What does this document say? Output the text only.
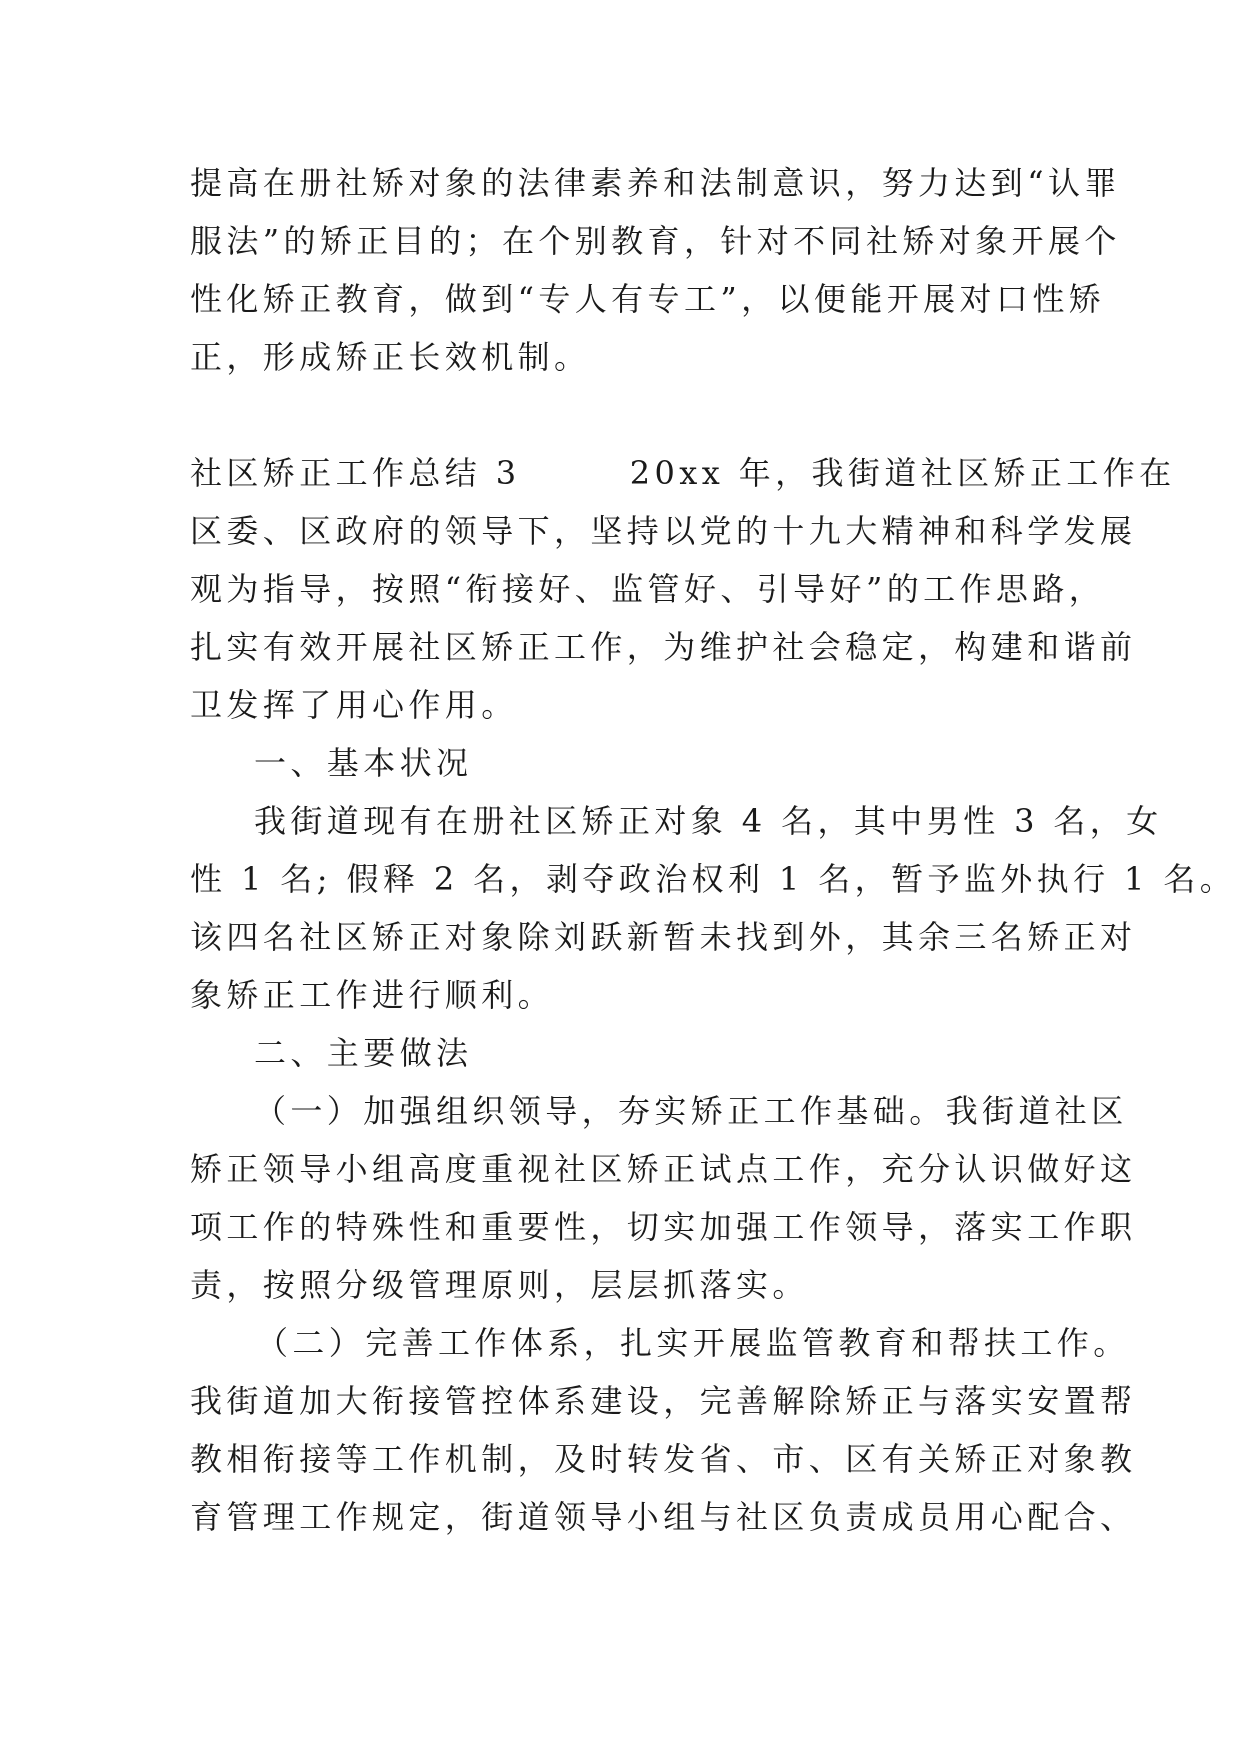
提高在册社矫对象的法律素养和法制意识，努力达到“认罪
服法”的矫正目的；在个别教育，针对不同社矫对象开展个
性化矫正教育，做到“专人有专工”，以便能开展对口性矫
正，形成矫正长效机制。
社区矫正工作总结 3　　　20xx 年，我街道社区矫正工作在
区委、区政府的领导下，坚持以党的十九大精神和科学发展
观为指导，按照“衔接好、监管好、引导好”的工作思路，
扎实有效开展社区矫正工作，为维护社会稳定，构建和谐前
卫发挥了用心作用。
一、基本状况
我街道现有在册社区矫正对象 4 名，其中男性 3 名，女
性 1 名; 假释 2 名，剥夺政治权利 1 名，暂予监外执行 1 名。
该四名社区矫正对象除刘跃新暂未找到外，其余三名矫正对
象矫正工作进行顺利。
二、主要做法
（一）加强组织领导，夯实矫正工作基础。我街道社区
矫正领导小组高度重视社区矫正试点工作，充分认识做好这
项工作的特殊性和重要性，切实加强工作领导，落实工作职
责，按照分级管理原则，层层抓落实。
（二）完善工作体系，扎实开展监管教育和帮扶工作。
我街道加大衔接管控体系建设，完善解除矫正与落实安置帮
教相衔接等工作机制，及时转发省、市、区有关矫正对象教
育管理工作规定，街道领导小组与社区负责成员用心配合、
